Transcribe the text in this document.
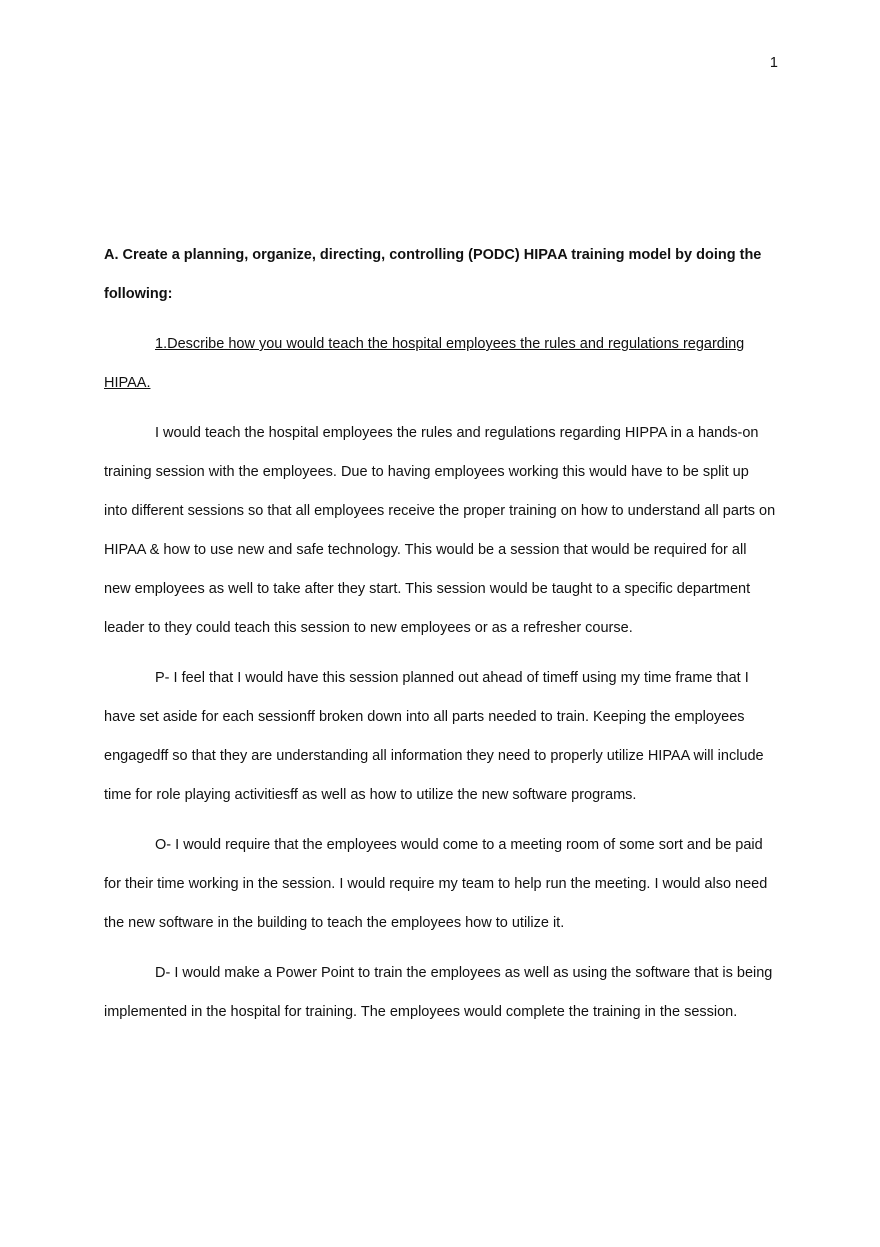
1

A. Create a planning, organize, directing, controlling (PODC) HIPAA training model by doing the following:

1.Describe how you would teach the hospital employees the rules and regulations regarding HIPAA.

I would teach the hospital employees the rules and regulations regarding HIPPA in a hands-on training session with the employees. Due to having employees working this would have to be split up into different sessions so that all employees receive the proper training on how to understand all parts on HIPAA & how to use new and safe technology. This would be a session that would be required for all new employees as well to take after they start. This session would be taught to a specific department leader to they could teach this session to new employees or as a refresher course.

P- I feel that I would have this session planned out ahead of timeff using my time frame that I have set aside for each sessionff broken down into all parts needed to train. Keeping the employees engagedff so that they are understanding all information they need to properly utilize HIPAA will include time for role playing activitiesff as well as how to utilize the new software programs.

O- I would require that the employees would come to a meeting room of some sort and be paid for their time working in the session. I would require my team to help run the meeting. I would also need the new software in the building to teach the employees how to utilize it.

D- I would make a Power Point to train the employees as well as using the software that is being implemented in the hospital for training. The employees would complete the training in the session.
